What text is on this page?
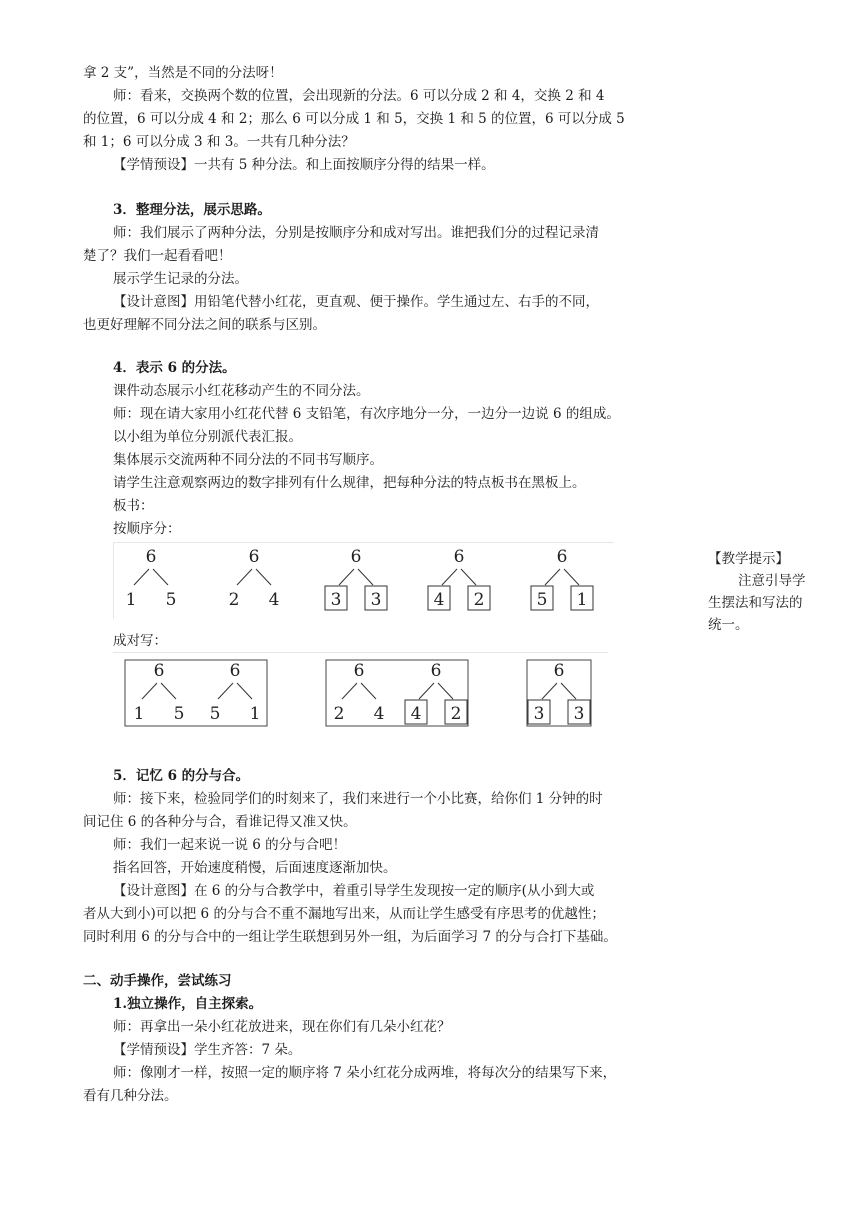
拿 2 支”，当然是不同的分法呀！
师：看来，交换两个数的位置，会出现新的分法。6 可以分成 2 和 4，交换 2 和 4
的位置，6 可以分成 4 和 2；那么 6 可以分成 1 和 5，交换 1 和 5 的位置，6 可以分成 5
和 1；6 可以分成 3 和 3。一共有几种分法？
【学情预设】一共有 5 种分法。和上面按顺序分得的结果一样。
3．整理分法，展示思路。
师：我们展示了两种分法，分别是按顺序分和成对写出。谁把我们分的过程记录清
楚了？我们一起看看吧！
展示学生记录的分法。
【设计意图】用铅笔代替小红花，更直观、便于操作。学生通过左、右手的不同，
也更好理解不同分法之间的联系与区别。
4．表示 6 的分法。
课件动态展示小红花移动产生的不同分法。
师：现在请大家用小红花代替 6 支铅笔，有次序地分一分，一边分一边说 6 的组成。
以小组为单位分别派代表汇报。
集体展示交流两种不同分法的不同书写顺序。
请学生注意观察两边的数字排列有什么规律，把每种分法的特点板书在黑板上。
板书：
按顺序分：
成对写：
5．记忆 6 的分与合。
师：接下来，检验同学们的时刻来了，我们来进行一个小比赛，给你们 1 分钟的时
间记住 6 的各种分与合，看谁记得又准又快。
师：我们一起来说一说 6 的分与合吧！
指名回答，开始速度稍慢，后面速度逐渐加快。
【设计意图】在 6 的分与合教学中，着重引导学生发现按一定的顺序(从小到大或
者从大到小)可以把 6 的分与合不重不漏地写出来，从而让学生感受有序思考的优越性；
同时利用 6 的分与合中的一组让学生联想到另外一组，为后面学习 7 的分与合打下基础。
二、动手操作，尝试练习
1.独立操作，自主探索。
师：再拿出一朵小红花放进来，现在你们有几朵小红花？
【学情预设】学生齐答：7 朵。
师：像刚才一样，按照一定的顺序将 7 朵小红花分成两堆，将每次分的结果写下来，
看有几种分法。
【教学提示】
注意引导学
生摆法和写法的
统一。
6
1 5
6
2 4
6
3 3
6
4 2
6
5 1
6
1 5
6
5 1
6
2 4
6
4 2
6
3 3
